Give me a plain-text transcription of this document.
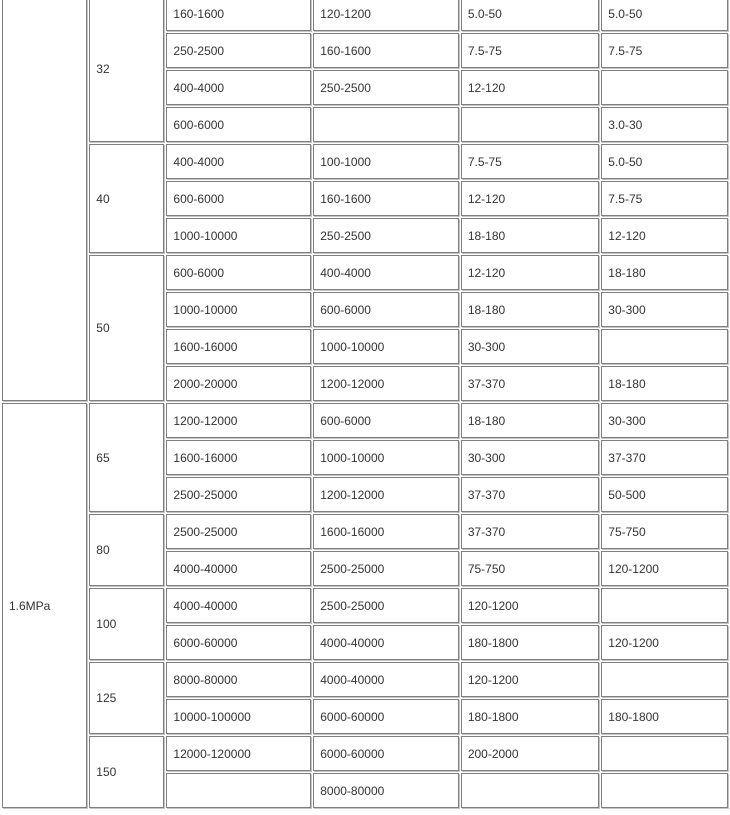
	32	160-1600	120-1200	5.0-50	5.0-50
		250-2500	160-1600	7.5-75	7.5-75
		400-4000	250-2500	12-120	
		600-6000			3.0-30
	40	400-4000	100-1000	7.5-75	5.0-50
		600-6000	160-1600	12-120	7.5-75
		1000-10000	250-2500	18-180	12-120
	50	600-6000	400-4000	12-120	18-180
		1000-10000	600-6000	18-180	30-300
		1600-16000	1000-10000	30-300	
		2000-20000	1200-12000	37-370	18-180
1.6MPa	65	1200-12000	600-6000	18-180	30-300
		1600-16000	1000-10000	30-300	37-370
		2500-25000	1200-12000	37-370	50-500
	80	2500-25000	1600-16000	37-370	75-750
		4000-40000	2500-25000	75-750	120-1200
	100	4000-40000	2500-25000	120-1200	
		6000-60000	4000-40000	180-1800	120-1200
	125	8000-80000	4000-40000	120-1200	
		10000-100000	6000-60000	180-1800	180-1800
	150	12000-120000	6000-60000	200-2000	
			8000-80000		
